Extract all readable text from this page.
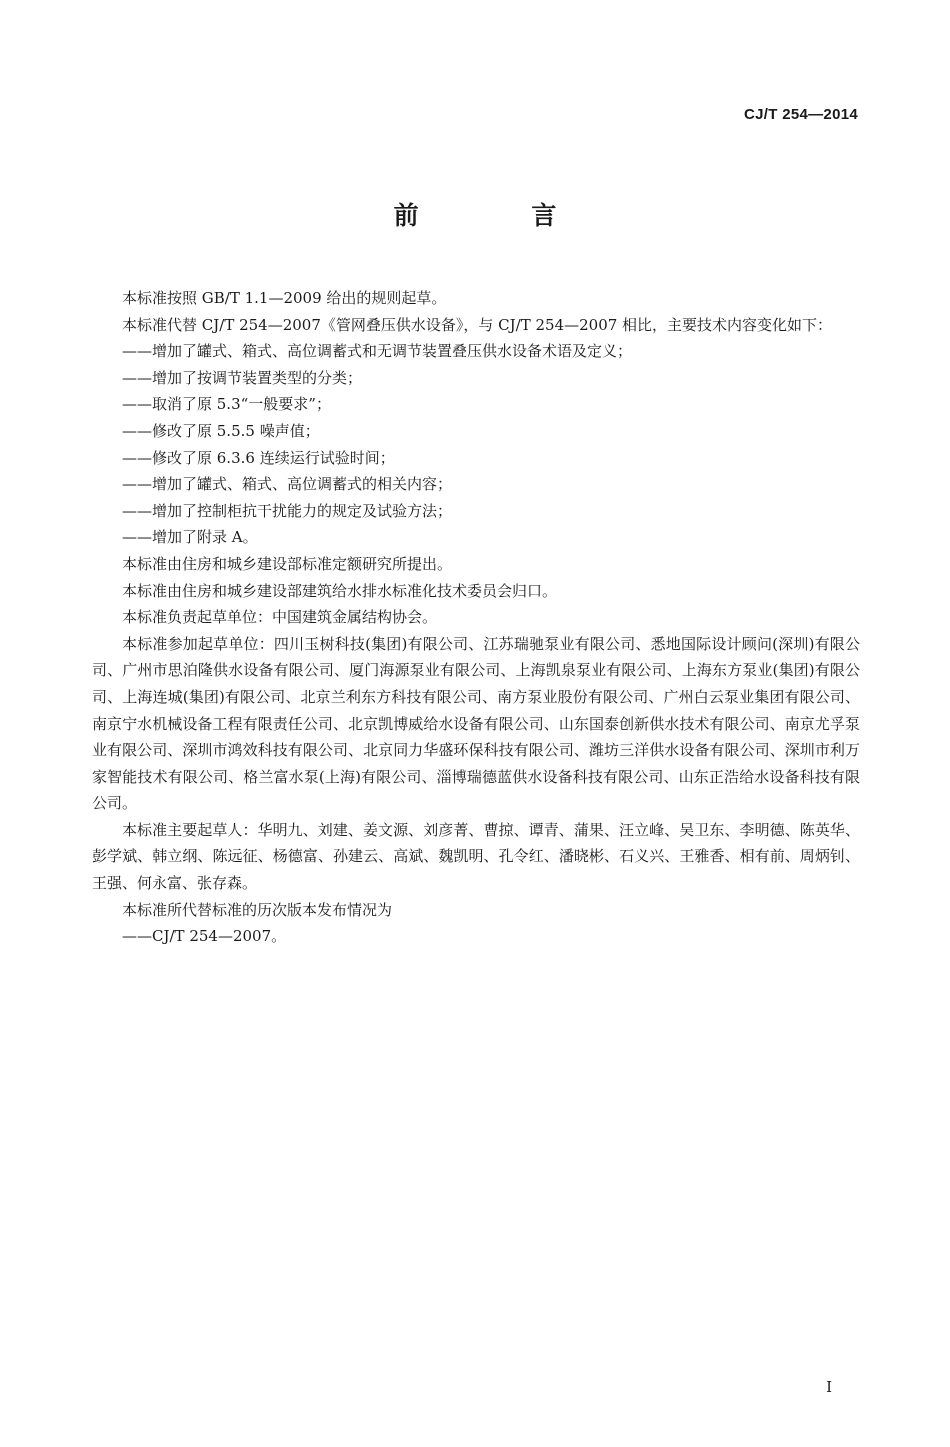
CJ/T 254—2014
前 言

本标准按照 GB/T 1.1—2009 给出的规则起草。

本标准代替 CJ/T 254—2007《管网叠压供水设备》，与 CJ/T 254—2007 相比，主要技术内容变化如下：

——增加了罐式、箱式、高位调蓄式和无调节装置叠压供水设备术语及定义；

——增加了按调节装置类型的分类；

——取消了原 5.3“一般要求”；

——修改了原 5.5.5 噪声值；

——修改了原 6.3.6 连续运行试验时间；

——增加了罐式、箱式、高位调蓄式的相关内容；

——增加了控制柜抗干扰能力的规定及试验方法；

——增加了附录 A。

本标准由住房和城乡建设部标准定额研究所提出。

本标准由住房和城乡建设部建筑给水排水标准化技术委员会归口。

本标准负责起草单位：中国建筑金属结构协会。

本标准参加起草单位：四川玉树科技(集团)有限公司、江苏瑞驰泵业有限公司、悉地国际设计顾问(深圳)有限公司、广州市思泊隆供水设备有限公司、厦门海源泵业有限公司、上海凯泉泵业有限公司、上海东方泵业(集团)有限公司、上海连城(集团)有限公司、北京兰利东方科技有限公司、南方泵业股份有限公司、广州白云泵业集团有限公司、南京宁水机械设备工程有限责任公司、北京凯博威给水设备有限公司、山东国泰创新供水技术有限公司、南京尤孚泵业有限公司、深圳市鸿效科技有限公司、北京同力华盛环保科技有限公司、潍坊三洋供水设备有限公司、深圳市利万家智能技术有限公司、格兰富水泵(上海)有限公司、淄博瑞德蓝供水设备科技有限公司、山东正浩给水设备科技有限公司。

本标准主要起草人：华明九、刘建、姜文源、刘彦菁、曹掠、谭青、蒲果、汪立峰、吴卫东、李明德、陈英华、彭学斌、韩立纲、陈远征、杨德富、孙建云、高斌、魏凯明、孔令红、潘晓彬、石义兴、王雅香、相有前、周炳钊、王强、何永富、张存森。

本标准所代替标准的历次版本发布情况为

——CJ/T 254—2007。

I
